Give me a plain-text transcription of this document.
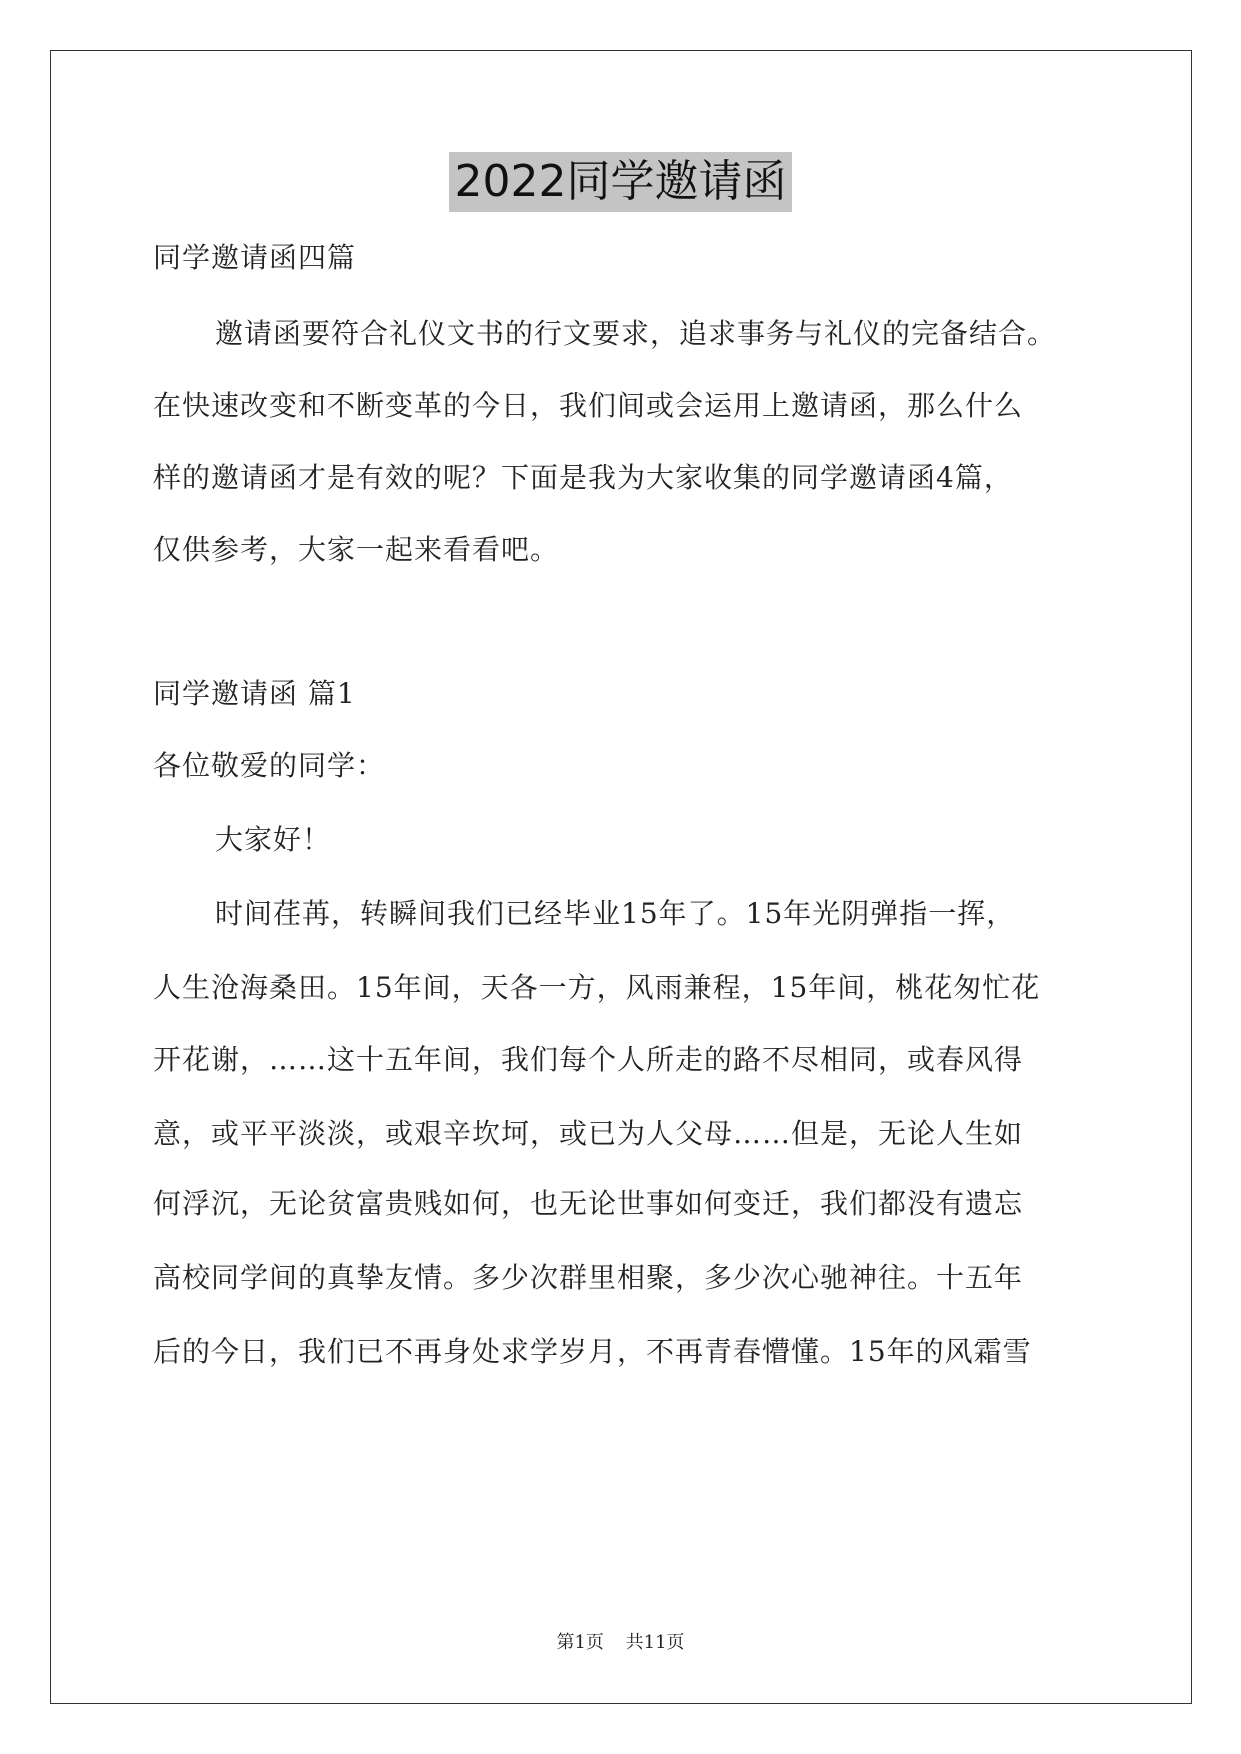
2022同学邀请函
同学邀请函四篇
邀请函要符合礼仪文书的行文要求，追求事务与礼仪的完备结合。
在快速改变和不断变革的今日，我们间或会运用上邀请函，那么什么
样的邀请函才是有效的呢？下面是我为大家收集的同学邀请函4篇，
仅供参考，大家一起来看看吧。
同学邀请函 篇1
各位敬爱的同学：
大家好！
时间荏苒，转瞬间我们已经毕业15年了。15年光阴弹指一挥，
人生沧海桑田。15年间，天各一方，风雨兼程，15年间，桃花匆忙花
开花谢，……这十五年间，我们每个人所走的路不尽相同，或春风得
意，或平平淡淡，或艰辛坎坷，或已为人父母……但是，无论人生如
何浮沉，无论贫富贵贱如何，也无论世事如何变迁，我们都没有遗忘
高校同学间的真挚友情。多少次群里相聚，多少次心驰神往。十五年
后的今日，我们已不再身处求学岁月，不再青春懵懂。15年的风霜雪
第1页 共11页
